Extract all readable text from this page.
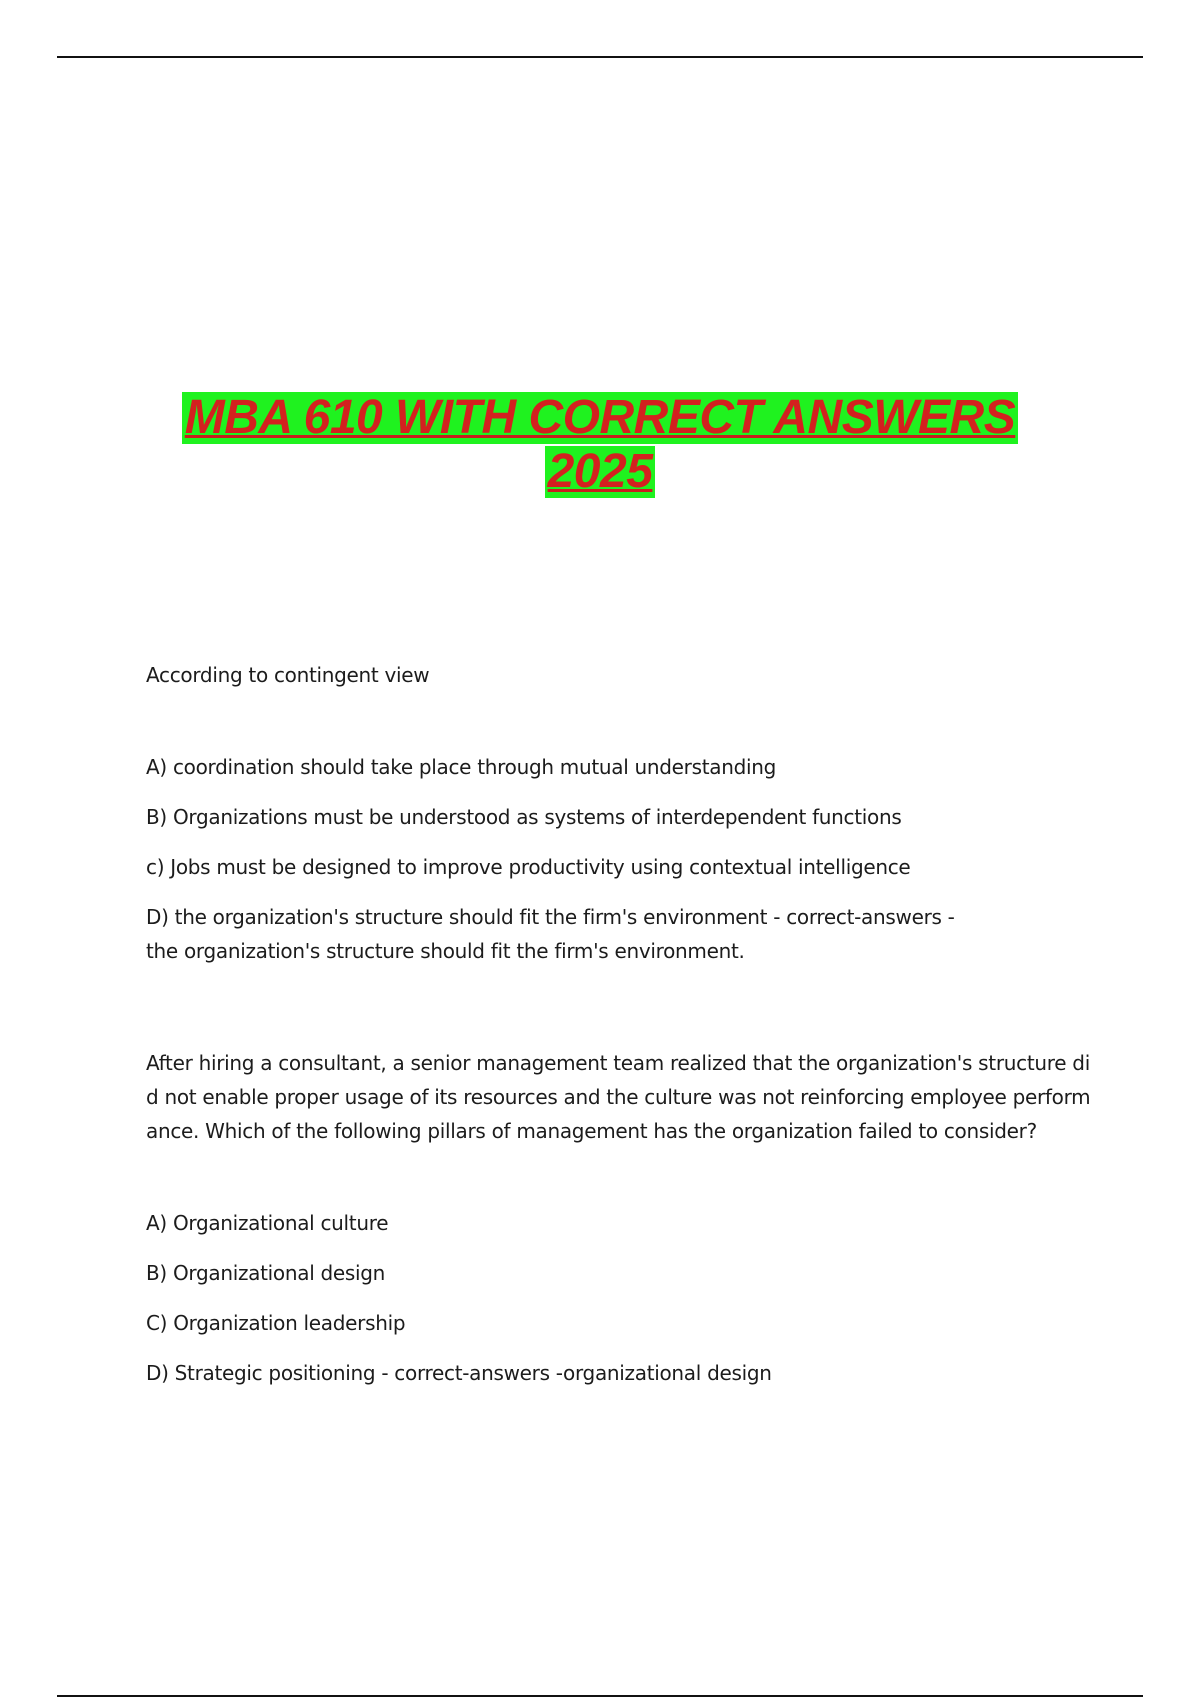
MBA 610 WITH CORRECT ANSWERS
2025

According to contingent view

A) coordination should take place through mutual understanding

B) Organizations must be understood as systems of interdependent functions

c) Jobs must be designed to improve productivity using contextual intelligence

D) the organization's structure should fit the firm's environment - correct-answers -
the organization's structure should fit the firm's environment.

After hiring a consultant, a senior management team realized that the organization's structure di
d not enable proper usage of its resources and the culture was not reinforcing employee perform
ance. Which of the following pillars of management has the organization failed to consider?

A) Organizational culture

B) Organizational design

C) Organization leadership

D) Strategic positioning - correct-answers -organizational design
